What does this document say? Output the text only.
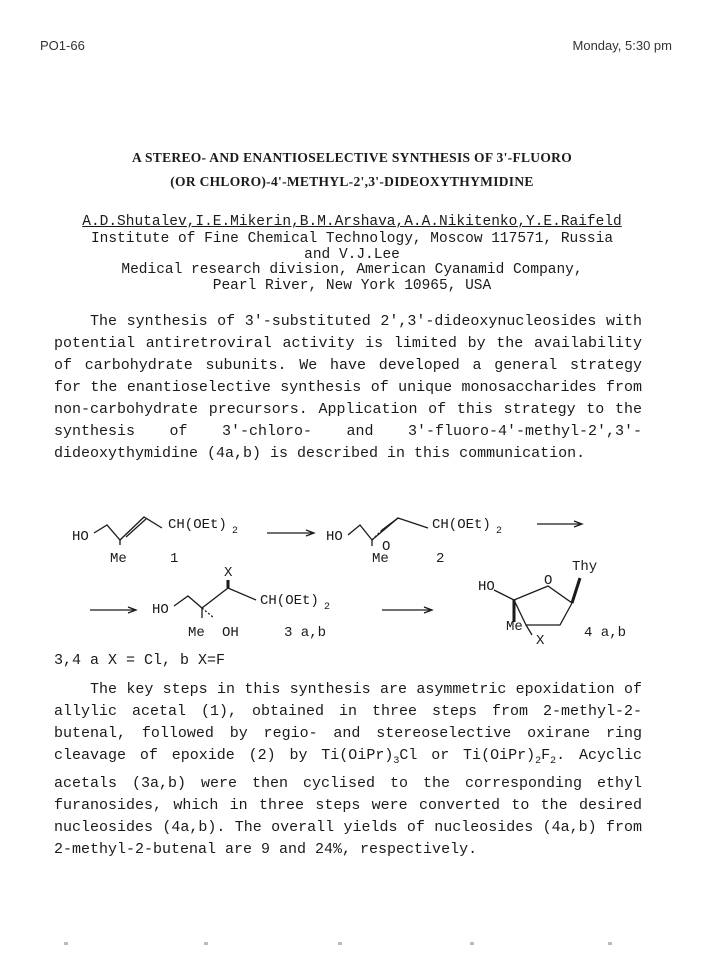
PO1-66	Monday, 5:30 pm
A STEREO- AND ENANTIOSELECTIVE SYNTHESIS OF 3'-FLUORO
(OR CHLORO)-4'-METHYL-2',3'-DIDEOXYTHYMIDINE
A.D.Shutalev,I.E.Mikerin,B.M.Arshava,A.A.Nikitenko,Y.E.Raifeld
Institute of Fine Chemical Technology, Moscow 117571, Russia
and V.J.Lee
Medical research division, American Cyanamid Company,
Pearl River, New York 10965, USA

The synthesis of 3'-substituted 2',3'-dideoxynucleosides with potential antiretroviral activity is limited by the availability of carbohydrate subunits. We have developed a general strategy for the enantioselective synthesis of unique monosaccharides from non-carbohydrate precursors. Application of this strategy to the synthesis of 3'-chloro- and 3'-fluoro-4'-methyl-2',3'-dideoxythymidine (4a,b) is described in this communication.

HO
CH(OEt) 2
Me	1
HO
O
CH(OEt) 2
Me	2
HO
X
CH(OEt) 2
Me OH	3 a,b
HO	O
Thy
Me
X	4 a,b
3,4 a X = Cl, b X=F

The key steps in this synthesis are asymmetric epoxidation of allylic acetal (1), obtained in three steps from 2-methyl-2-butenal, followed by regio- and stereoselective oxirane ring cleavage of epoxide (2) by $Ti(OiPr)_3Cl$ or $Ti(OiPr)_2F_2$. Acyclic acetals (3a,b) were then cyclised to the corresponding ethyl furanosides, which in three steps were converted to the desired nucleosides (4a,b). The overall yields of nucleosides (4a,b) from 2-methyl-2-butenal are 9 and 24%, respectively.
